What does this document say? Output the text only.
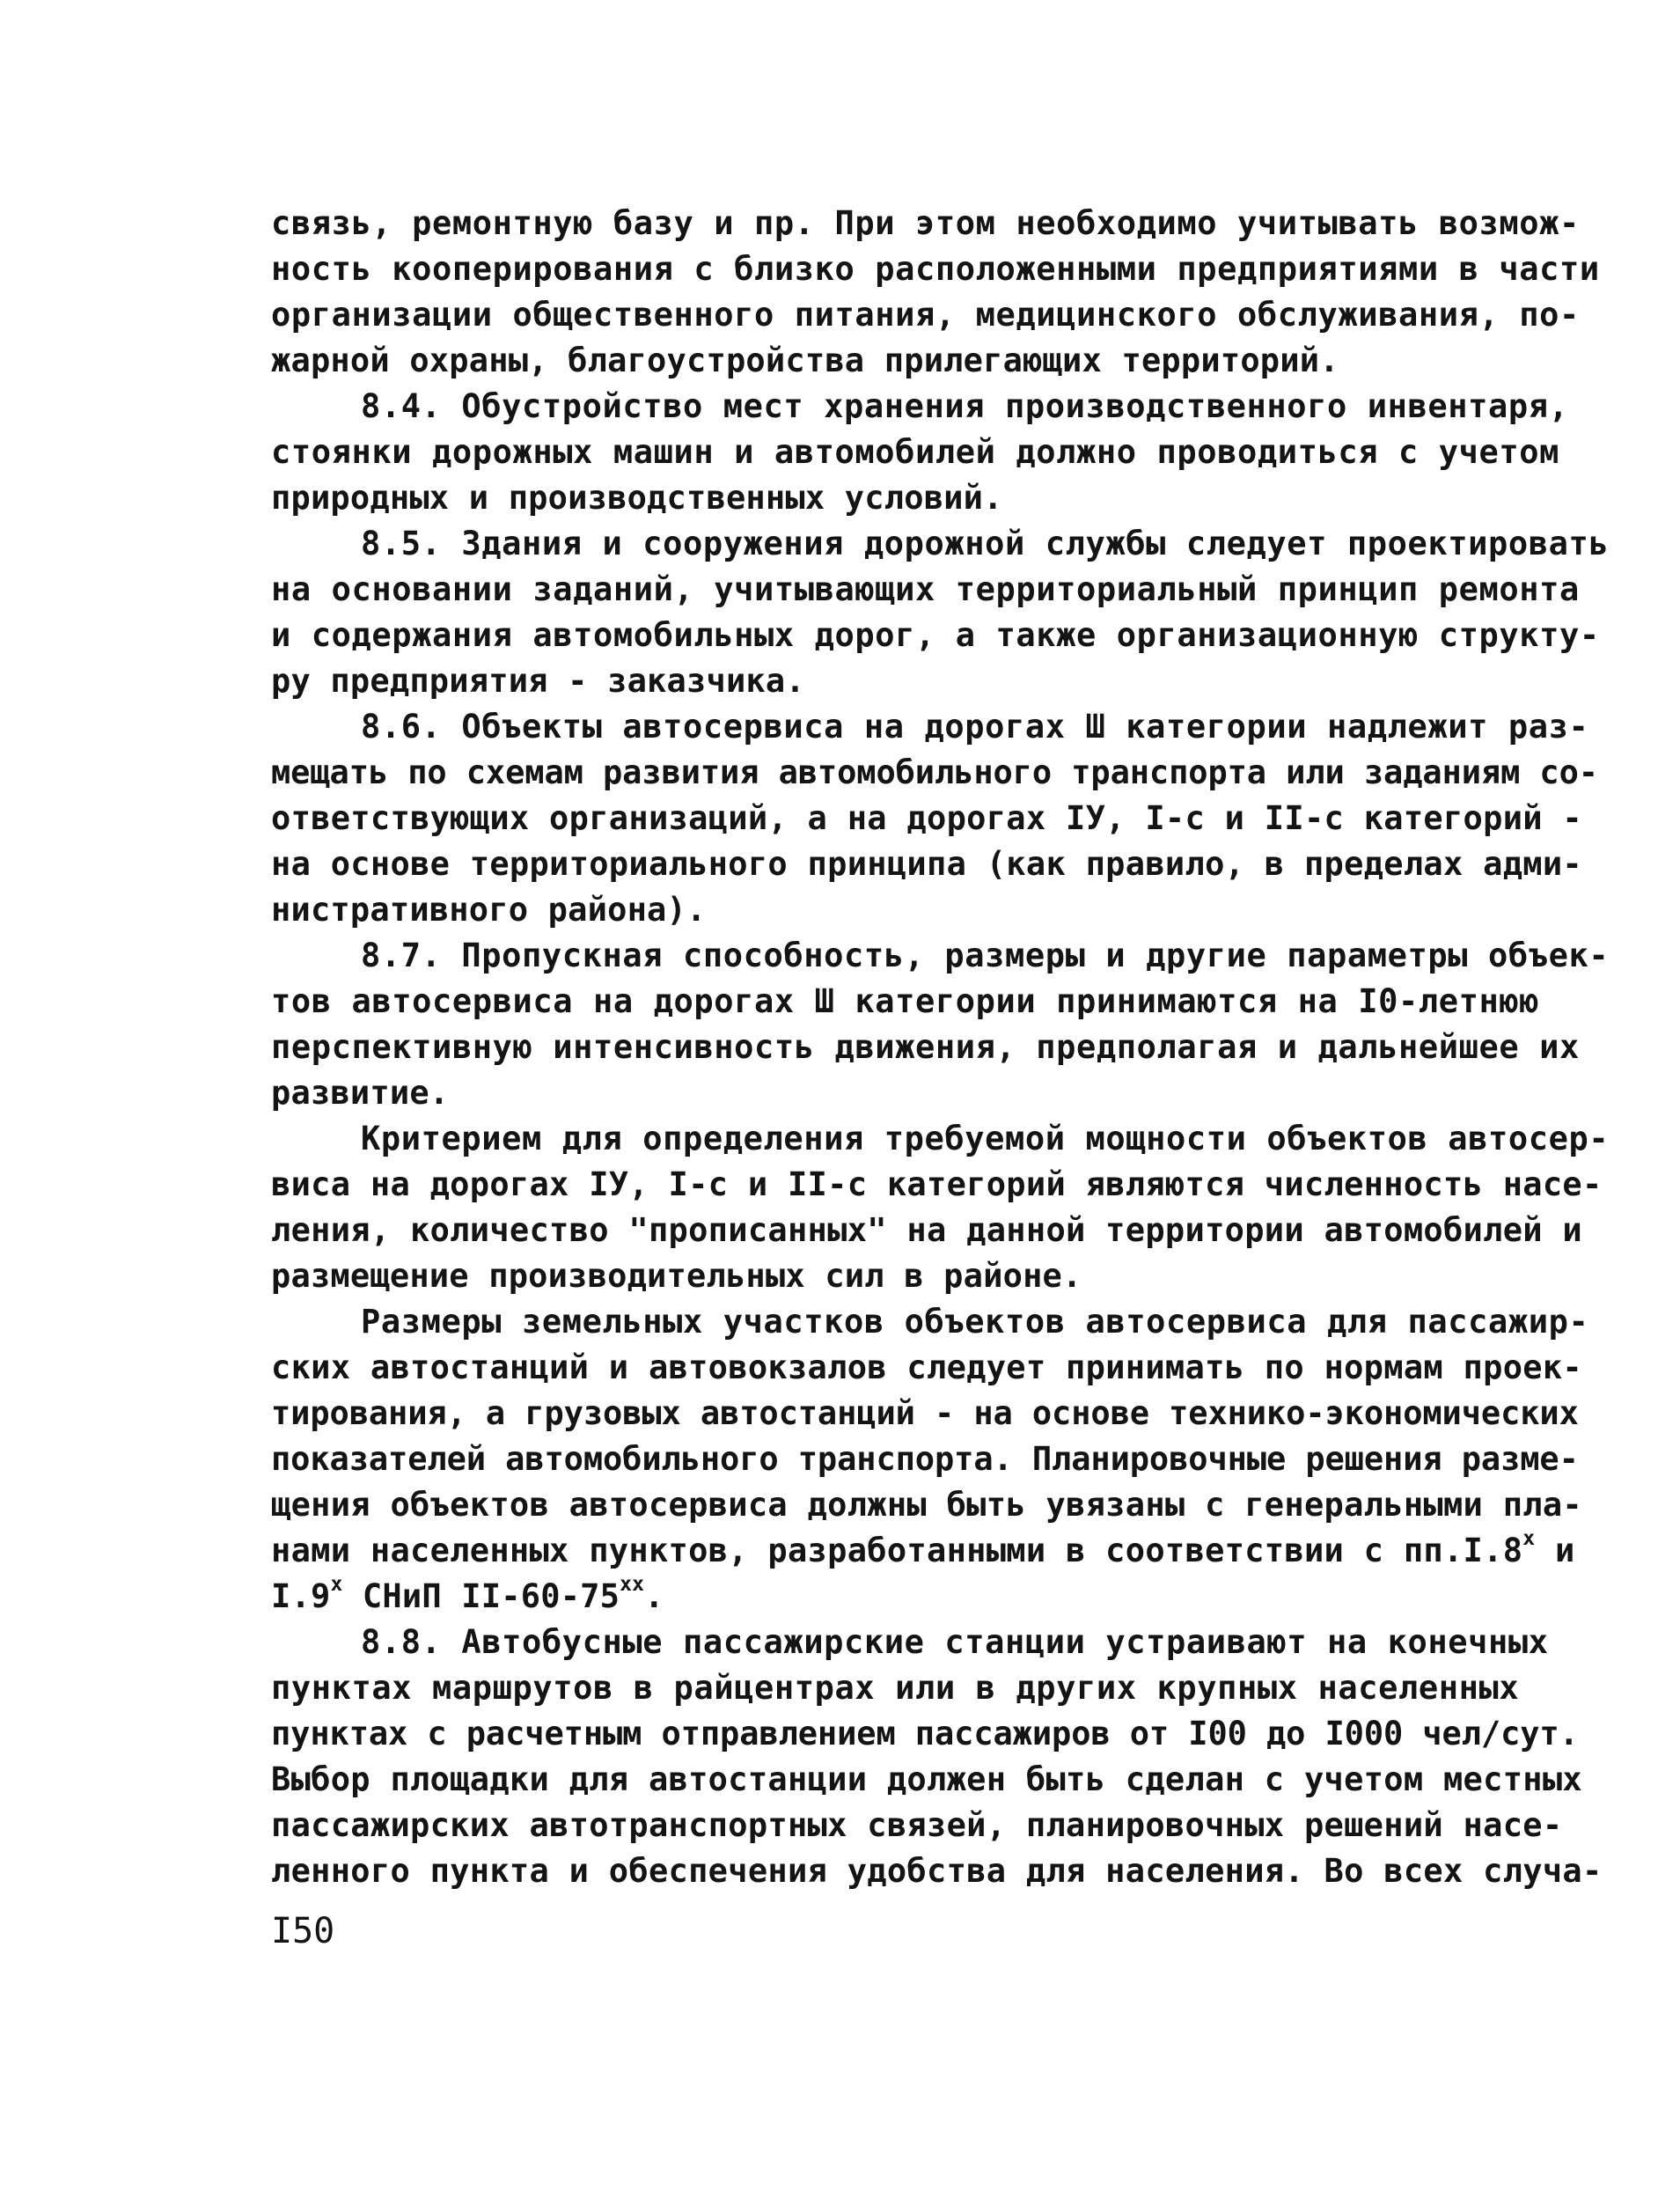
связь, ремонтную базу и пр. При этом необходимо учитывать возмож-
ность кооперирования с близко расположенными предприятиями в части
организации общественного питания, медицинского обслуживания, по-
жарной охраны, благоустройства прилегающих территорий.
8.4. Обустройство мест хранения производственного инвентаря,
стоянки дорожных машин и автомобилей должно проводиться с учетом
природных и производственных условий.
8.5. Здания и сооружения дорожной службы следует проектировать
на основании заданий, учитывающих территориальный принцип ремонта
и содержания автомобильных дорог, а также организационную структу-
ру предприятия - заказчика.
8.6. Объекты автосервиса на дорогах Ш категории надлежит раз-
мещать по схемам развития автомобильного транспорта или заданиям со-
ответствующих организаций, а на дорогах IУ, I-с и II-с категорий -
на основе территориального принципа (как правило, в пределах адми-
нистративного района).
8.7. Пропускная способность, размеры и другие параметры объек-
тов автосервиса на дорогах Ш категории принимаются на I0-летнюю
перспективную интенсивность движения, предполагая и дальнейшее их
развитие.
Критерием для определения требуемой мощности объектов автосер-
виса на дорогах IУ, I-с и II-с категорий являются численность насе-
ления, количество "прописанных" на данной территории автомобилей и
размещение производительных сил в районе.
Размеры земельных участков объектов автосервиса для пассажир-
ских автостанций и автовокзалов следует принимать по нормам проек-
тирования, а грузовых автостанций - на основе технико-экономических
показателей автомобильного транспорта. Планировочные решения разме-
щения объектов автосервиса должны быть увязаны с генеральными пла-
нами населенных пунктов, разработанными в соответствии с пп.I.8$^x$ и
I.9$^x$ СНиП II-60-75$^{xx}$.
8.8. Автобусные пассажирские станции устраивают на конечных
пунктах маршрутов в райцентрах или в других крупных населенных
пунктах с расчетным отправлением пассажиров от I00 до I000 чел/сут.
Выбор площадки для автостанции должен быть сделан с учетом местных
пассажирских автотранспортных связей, планировочных решений насе-
ленного пункта и обеспечения удобства для населения. Во всех случа-
I50
